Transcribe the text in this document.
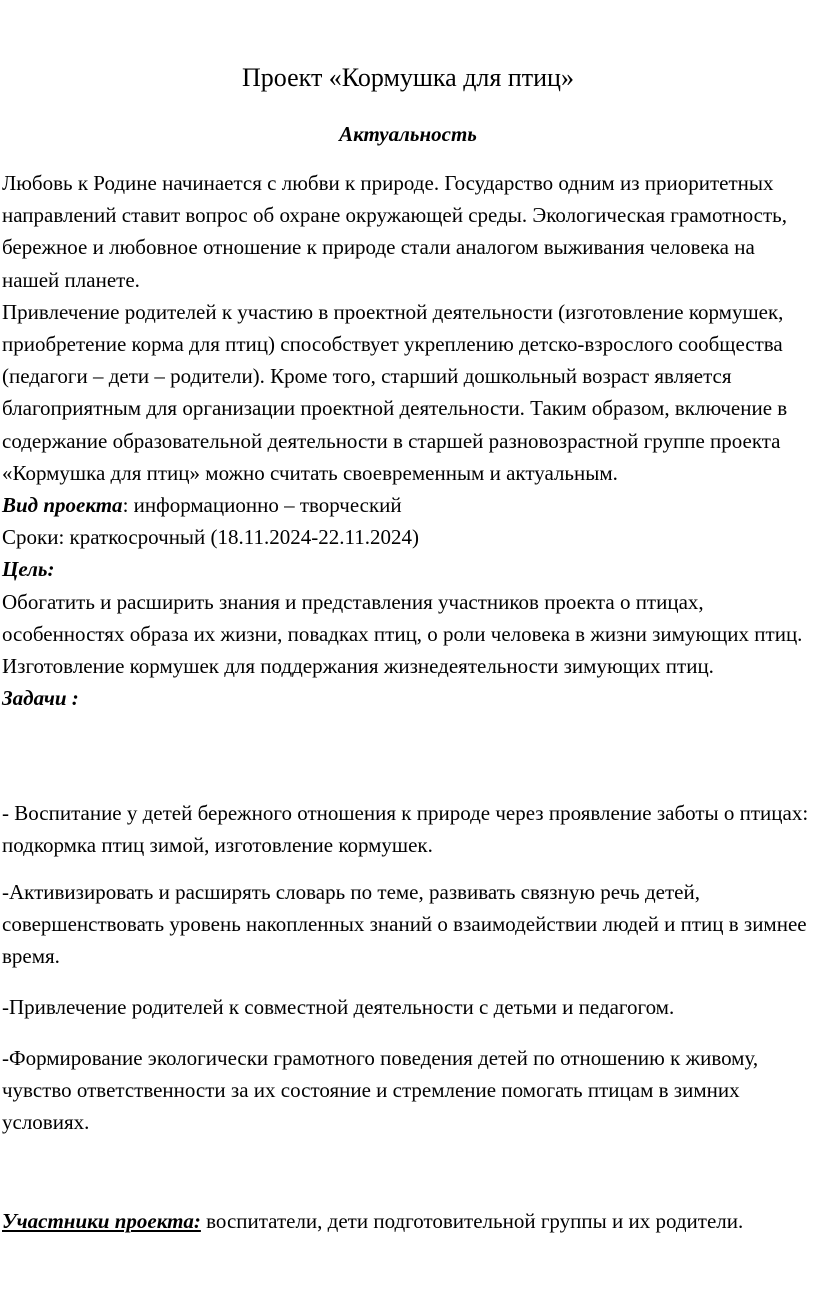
Проект «Кормушка для птиц»
Актуальность

Любовь к Родине начинается с любви к природе. Государство одним из приоритетных направлений ставит вопрос об охране окружающей среды. Экологическая грамотность, бережное и любовное отношение к природе стали аналогом выживания человека на нашей планете.

Привлечение родителей к участию в проектной деятельности (изготовление кормушек, приобретение корма для птиц) способствует укреплению детско-взрослого сообщества (педагоги – дети – родители). Кроме того, старший дошкольный возраст является благоприятным для организации проектной деятельности. Таким образом, включение в содержание образовательной деятельности в старшей разновозрастной группе проекта «Кормушка для птиц» можно считать своевременным и актуальным.

Вид проекта: информационно – творческий

Сроки: краткосрочный (18.11.2024-22.11.2024)

Цель:

Обогатить и расширить знания и представления участников проекта о птицах, особенностях образа их жизни, повадках птиц, о роли человека в жизни зимующих птиц. Изготовление кормушек для поддержания жизнедеятельности зимующих птиц.

Задачи :

- Воспитание у детей бережного отношения к природе через проявление заботы о птицах: подкормка птиц зимой, изготовление кормушек.
-Активизировать и расширять словарь по теме, развивать связную речь детей, совершенствовать уровень накопленных знаний о взаимодействии людей и птиц в зимнее время.
-Привлечение родителей к совместной деятельности с детьми и педагогом.
-Формирование экологически грамотного поведения детей по отношению к живому, чувство ответственности за их состояние и стремление помогать птицам в зимних условиях.
Участники проекта: воспитатели, дети подготовительной группы и их родители.
